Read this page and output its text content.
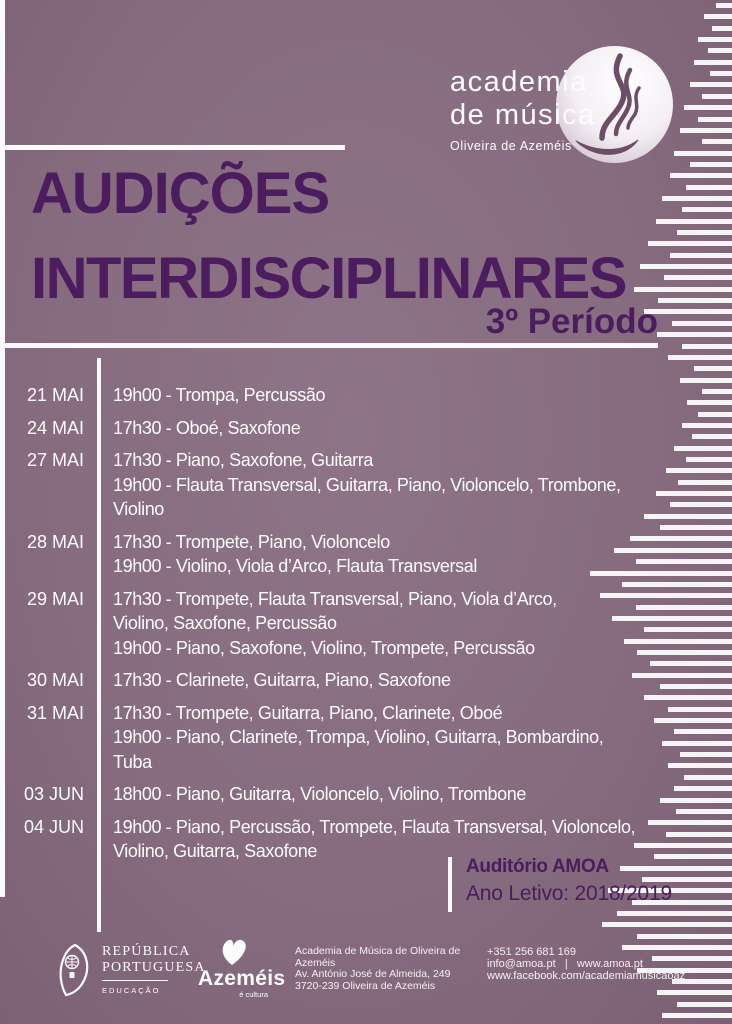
academia
de música
Oliveira de Azeméis
AUDIÇÕES
INTERDISCIPLINARES
3º Período
21 MAI	19h00 - Trompa, Percussão
24 MAI	17h30 - Oboé, Saxofone
27 MAI	17h30 - Piano, Saxofone, Guitarra
19h00 - Flauta Transversal, Guitarra, Piano, Violoncelo, Trombone,
Violino
28 MAI	17h30 - Trompete, Piano, Violoncelo
19h00 - Violino, Viola d’Arco, Flauta Transversal
29 MAI	17h30 - Trompete, Flauta Transversal, Piano, Viola d’Arco,
Violino, Saxofone, Percussão
19h00 - Piano, Saxofone, Violino, Trompete, Percussão
30 MAI	17h30 - Clarinete, Guitarra, Piano, Saxofone
31 MAI	17h30 - Trompete, Guitarra, Piano, Clarinete, Oboé
19h00 - Piano, Clarinete, Trompa, Violino, Guitarra, Bombardino,
Tuba
03 JUN	18h00 - Piano, Guitarra, Violoncelo, Violino, Trombone
04 JUN	19h00 - Piano, Percussão, Trompete, Flauta Transversal, Violoncelo,
Violino, Guitarra, Saxofone
Auditório AMOA
Ano Letivo: 2018/2019
REPÚBLICA
PORTUGUESA
EDUCAÇÃO
Azeméis
é cultura
Academia de Música de Oliveira de
Azeméis
Av. António José de Almeida, 249
3720-239 Oliveira de Azeméis
+351 256 681 169
info@amoa.pt   |   www.amoa.pt
www.facebook.com/academiamusicaoaz
